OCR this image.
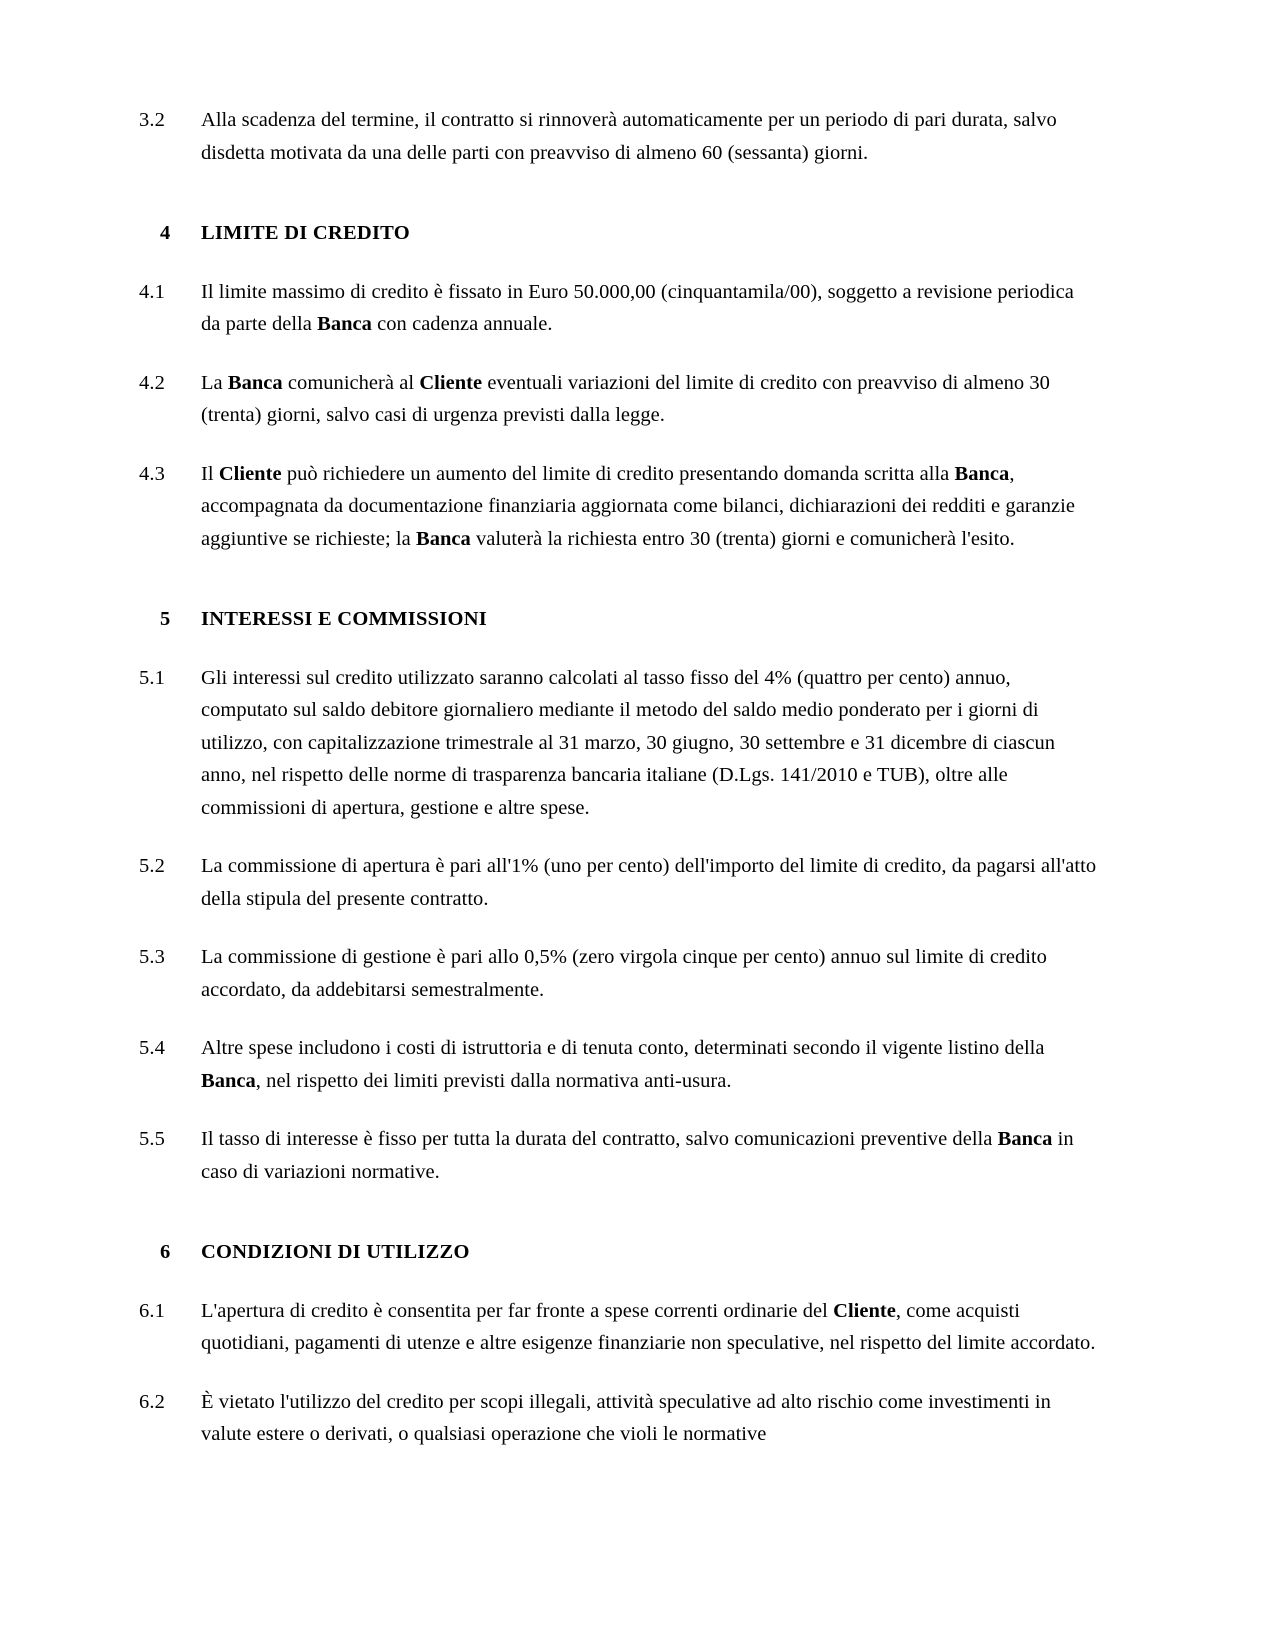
3.2	Alla scadenza del termine, il contratto si rinnoverà automaticamente per un periodo di pari durata, salvo disdetta motivata da una delle parti con preavviso di almeno 60 (sessanta) giorni.
4	LIMITE DI CREDITO
4.1	Il limite massimo di credito è fissato in Euro 50.000,00 (cinquantamila/00), soggetto a revisione periodica da parte della Banca con cadenza annuale.
4.2	La Banca comunicherà al Cliente eventuali variazioni del limite di credito con preavviso di almeno 30 (trenta) giorni, salvo casi di urgenza previsti dalla legge.
4.3	Il Cliente può richiedere un aumento del limite di credito presentando domanda scritta alla Banca, accompagnata da documentazione finanziaria aggiornata come bilanci, dichiarazioni dei redditi e garanzie aggiuntive se richieste; la Banca valuterà la richiesta entro 30 (trenta) giorni e comunicherà l'esito.
5	INTERESSI E COMMISSIONI
5.1	Gli interessi sul credito utilizzato saranno calcolati al tasso fisso del 4% (quattro per cento) annuo, computato sul saldo debitore giornaliero mediante il metodo del saldo medio ponderato per i giorni di utilizzo, con capitalizzazione trimestrale al 31 marzo, 30 giugno, 30 settembre e 31 dicembre di ciascun anno, nel rispetto delle norme di trasparenza bancaria italiane (D.Lgs. 141/2010 e TUB), oltre alle commissioni di apertura, gestione e altre spese.
5.2	La commissione di apertura è pari all'1% (uno per cento) dell'importo del limite di credito, da pagarsi all'atto della stipula del presente contratto.
5.3	La commissione di gestione è pari allo 0,5% (zero virgola cinque per cento) annuo sul limite di credito accordato, da addebitarsi semestralmente.
5.4	Altre spese includono i costi di istruttoria e di tenuta conto, determinati secondo il vigente listino della Banca, nel rispetto dei limiti previsti dalla normativa anti-usura.
5.5	Il tasso di interesse è fisso per tutta la durata del contratto, salvo comunicazioni preventive della Banca in caso di variazioni normative.
6	CONDIZIONI DI UTILIZZO
6.1	L'apertura di credito è consentita per far fronte a spese correnti ordinarie del Cliente, come acquisti quotidiani, pagamenti di utenze e altre esigenze finanziarie non speculative, nel rispetto del limite accordato.
6.2	È vietato l'utilizzo del credito per scopi illegali, attività speculative ad alto rischio come investimenti in valute estere o derivati, o qualsiasi operazione che violi le normative
